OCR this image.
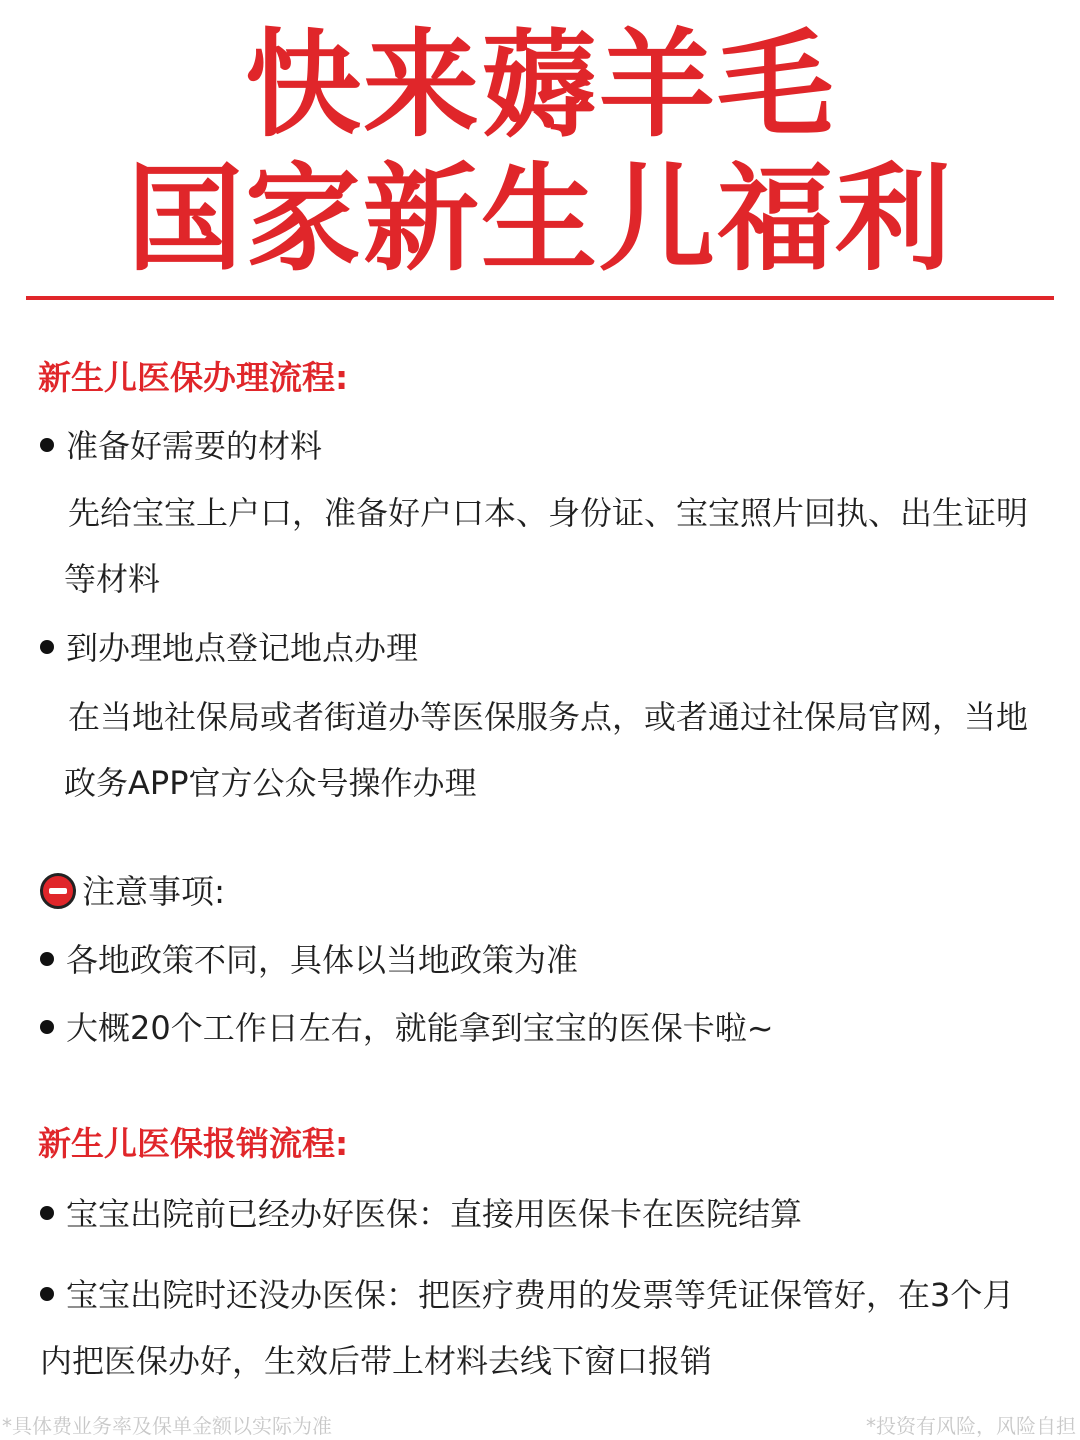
快来薅羊毛
国家新生儿福利
新生儿医保办理流程:
准备好需要的材料
先给宝宝上户口，准备好户口本、身份证、宝宝照片回执、出生证明等材料
到办理地点登记地点办理
在当地社保局或者街道办等医保服务点，或者通过社保局官网，当地政务APP官方公众号操作办理
注意事项:
各地政策不同，具体以当地政策为准
大概20个工作日左右，就能拿到宝宝的医保卡啦~
新生儿医保报销流程:
宝宝出院前已经办好医保：直接用医保卡在医院结算
宝宝出院时还没办医保：把医疗费用的发票等凭证保管好，在3个月内把医保办好，生效后带上材料去线下窗口报销
*具体费业务率及保单金额以实际为准	*投资有风险，风险自担
